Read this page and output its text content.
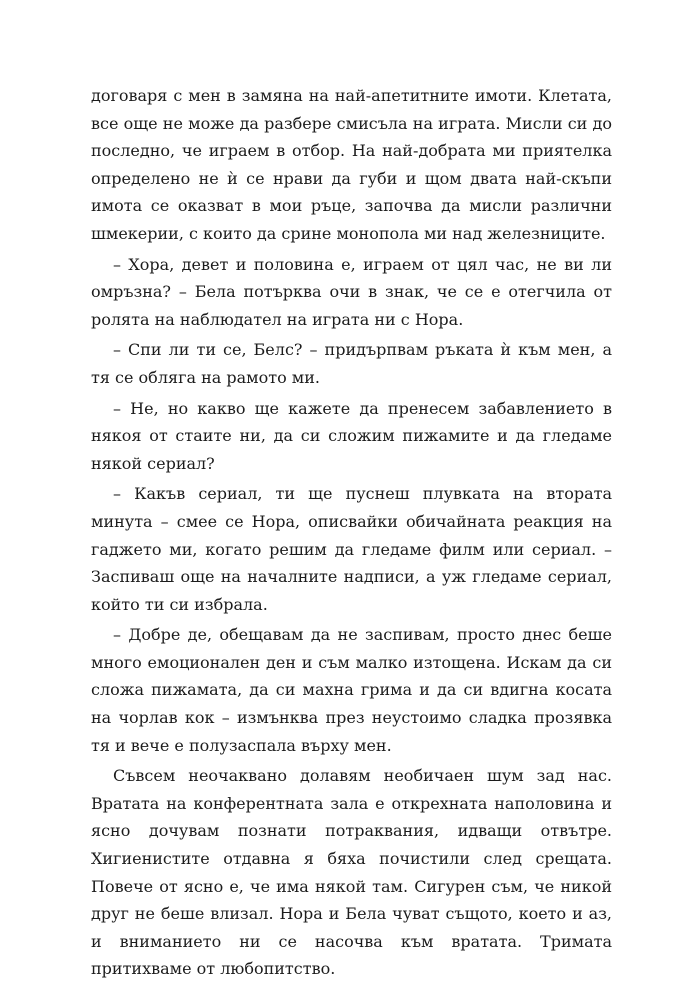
договаря с мен в замяна на най-апетитните имоти. Клетата, все още не може да разбере смисъла на играта. Мисли си до последно, че играем в отбор. На най-добрата ми приятелка определено не ѝ се нрави да губи и щом двата най-скъпи имота се оказват в мои ръце, започва да мисли различни шмекерии, с които да срине монопола ми над железниците.

– Хора, девет и половина е, играем от цял час, не ви ли омръзна? – Бела потърква очи в знак, че се е отегчила от ролята на наблюдател на играта ни с Нора.

– Спи ли ти се, Белс? – придърпвам ръката ѝ към мен, а тя се обляга на рамото ми.

– Не, но какво ще кажете да пренесем забавлението в някоя от стаите ни, да си сложим пижамите и да гледаме някой сериал?

– Какъв сериал, ти ще пуснеш плувката на втората минута – смее се Нора, описвайки обичайната реакция на гаджето ми, когато решим да гледаме филм или сериал. – Заспиваш още на началните надписи, а уж гледаме сериал, който ти си избрала.

– Добре де, обещавам да не заспивам, просто днес беше много емоционален ден и съм малко изтощена. Искам да си сложа пижамата, да си махна грима и да си вдигна косата на чорлав кок – измънква през неустоимо сладка прозявка тя и вече е полузаспала върху мен.

Съвсем неочаквано долавям необичаен шум зад нас. Вратата на конферентната зала е открехната наполовина и ясно дочувам познати потраквания, идващи отвътре. Хигиенистите отдавна я бяха почистили след срещата. Повече от ясно е, че има някой там. Сигурен съм, че никой друг не беше влизал. Нора и Бела чуват същото, което и аз, и вниманието ни се насочва към вратата. Тримата притихваме от любопитство.
